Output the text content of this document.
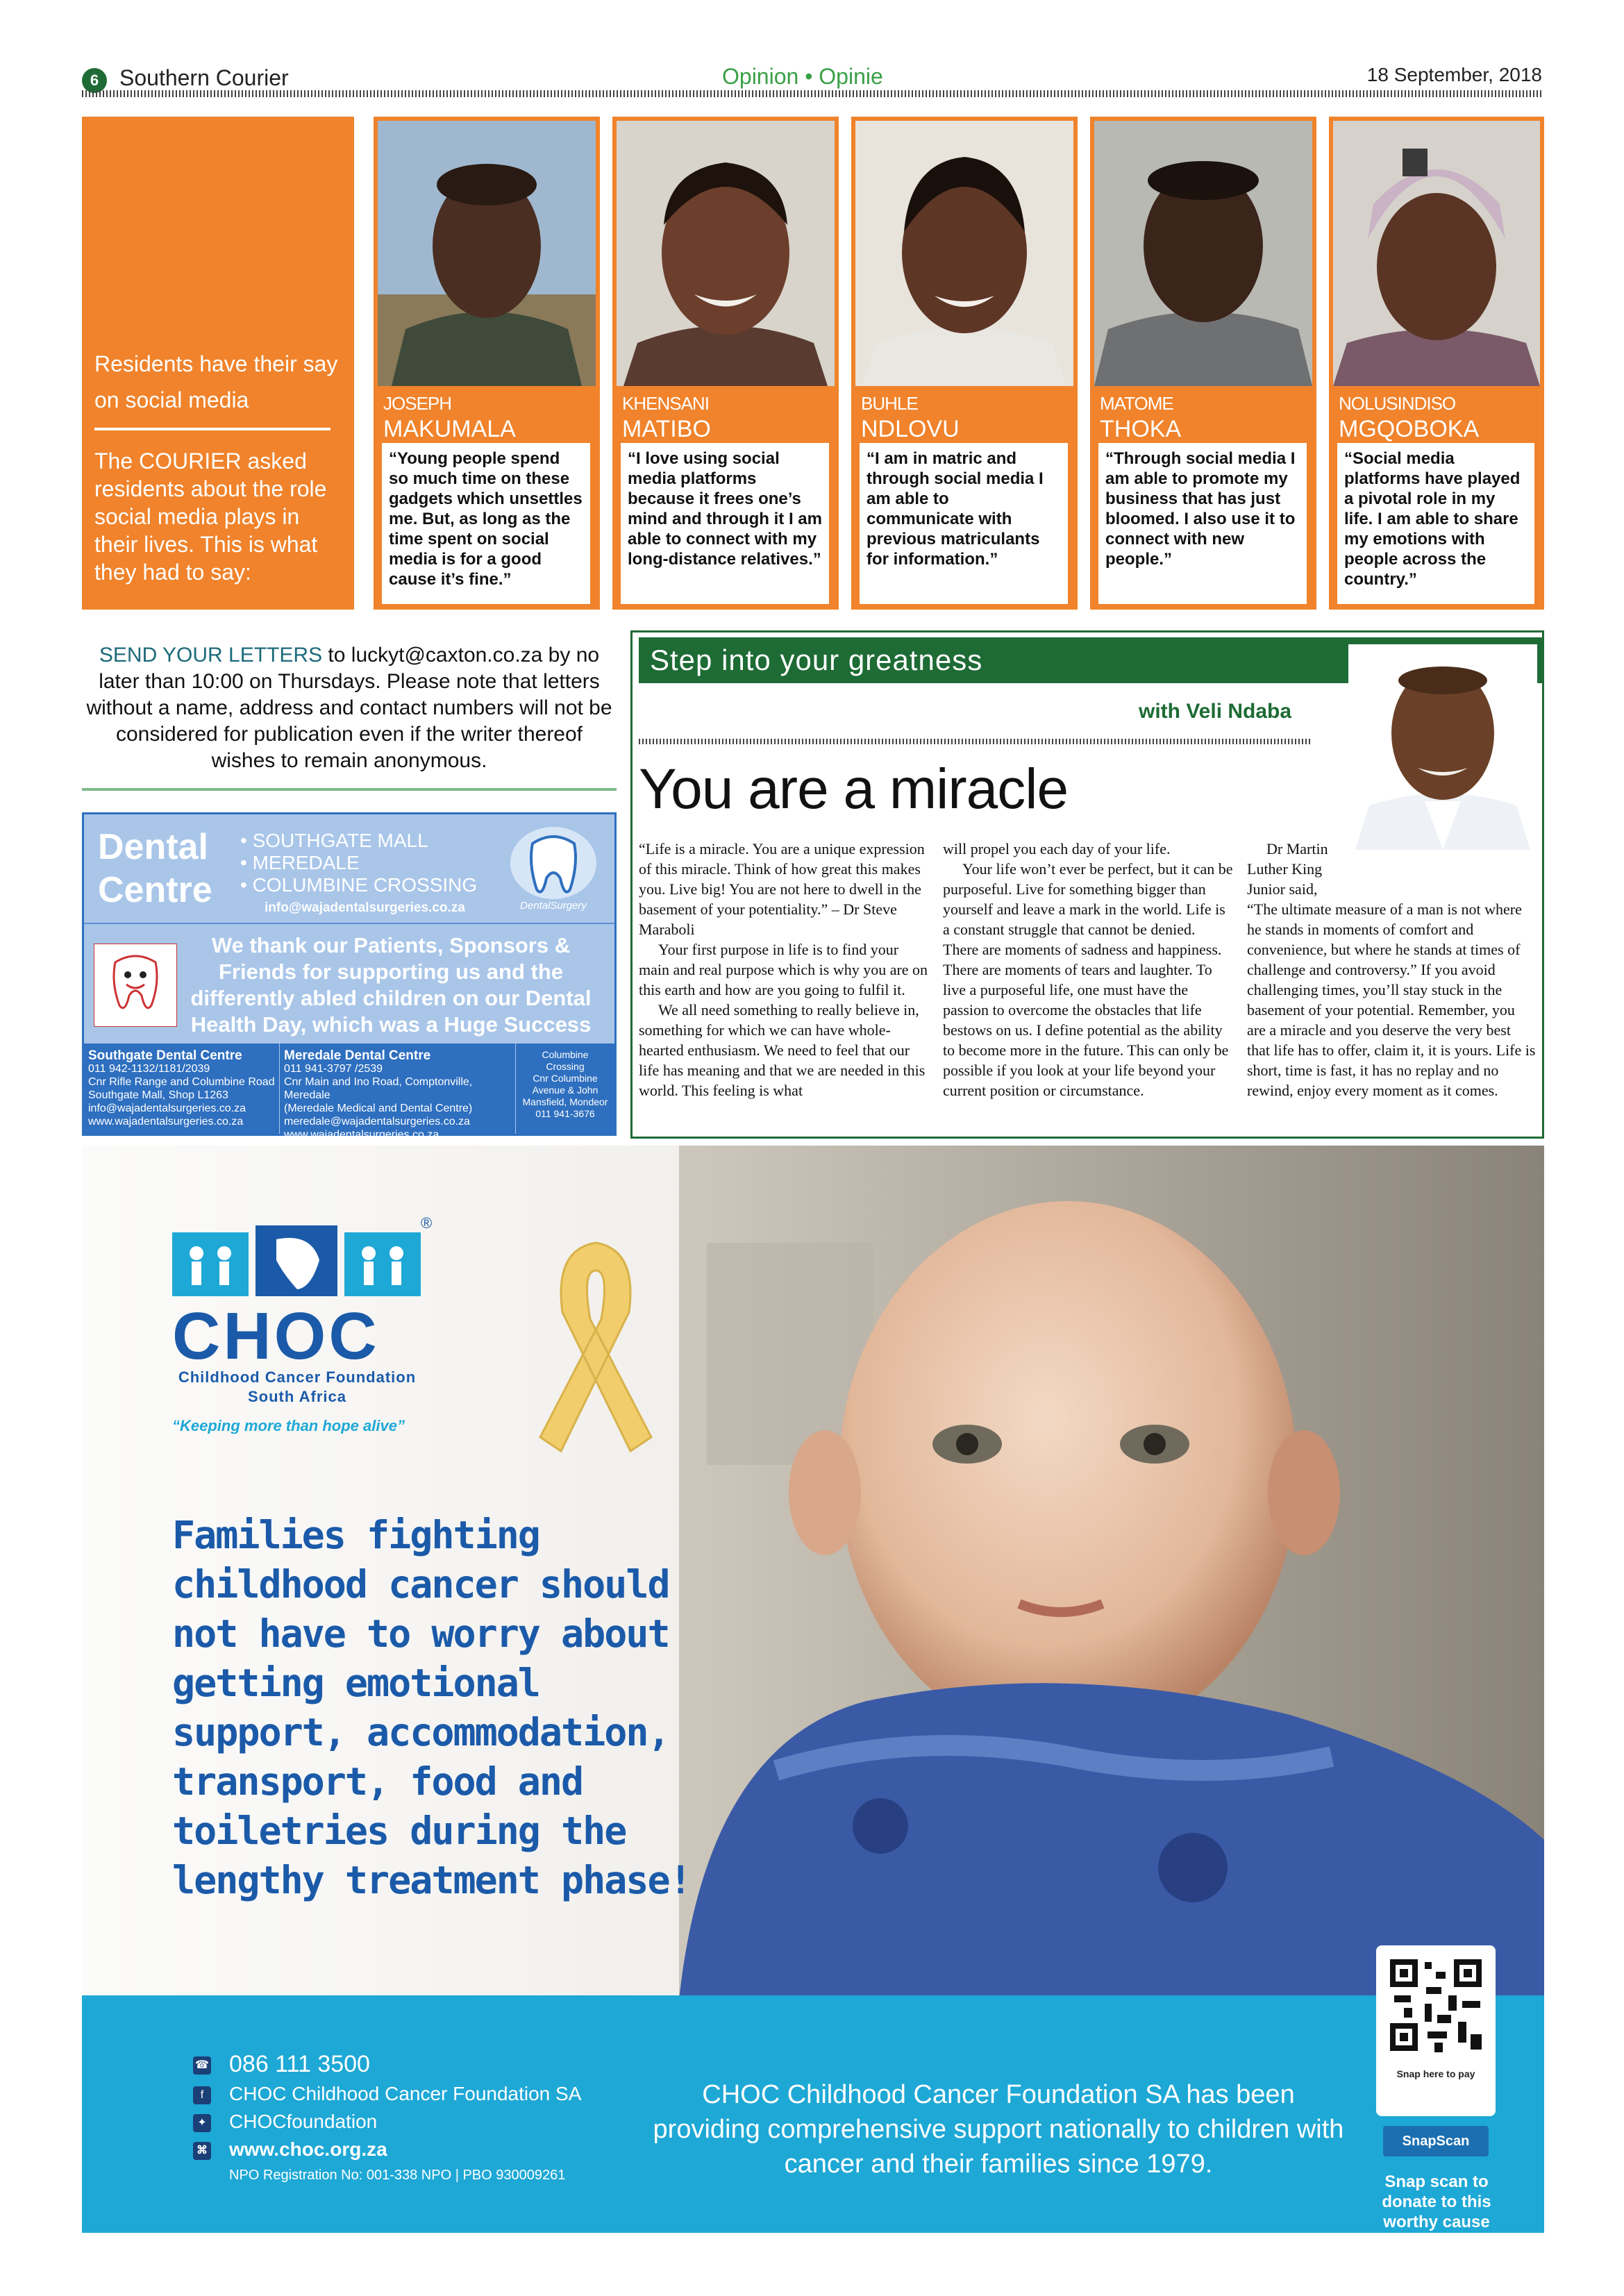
6 Southern Courier	Opinion • Opinie	18 September, 2018
Residents have their say on social media
The COURIER asked residents about the role social media plays in their lives. This is what they had to say:
JOSEPH
MAKUMALA
“Young people spend so much time on these gadgets which unsettles me. But, as long as the time spent on social media is for a good cause it’s fine.”
KHENSANI
MATIBO
“I love using social media platforms because it frees one’s mind and through it I am able to connect with my long-distance relatives.”
BUHLE
NDLOVU
“I am in matric and through social media I am able to communicate with previous matriculants for information.”
MATOME
THOKA
“Through social media I am able to promote my business that has just bloomed. I also use it to connect with new people.”
NOLUSINDISO
MGQOBOKA
“Social media platforms have played a pivotal role in my life. I am able to share my emotions with people across the country.”
SEND YOUR LETTERS to luckyt@caxton.co.za by no later than 10:00 on Thursdays. Please note that letters without a name, address and contact numbers will not be considered for publication even if the writer thereof wishes to remain anonymous.
Dental
Centre
• SOUTHGATE MALL
• MEREDALE
• COLUMBINE CROSSING
info@wajadentalsurgeries.co.za	DentalSurgery
We thank our Patients, Sponsors & Friends for supporting us and the differently abled children on our Dental Health Day, which was a Huge Success
Southgate Dental Centre
011 942-1132/1181/2039
Cnr Rifle Range and Columbine Road
Southgate Mall, Shop L1263
info@wajadentalsurgeries.co.za
www.wajadentalsurgeries.co.za
Meredale Dental Centre
011 941-3797 /2539
Cnr Main and Ino Road, Comptonville, Meredale
(Meredale Medical and Dental Centre)
meredale@wajadentalsurgeries.co.za
www.wajadentalsurgeries.co.za
Columbine
Crossing
Cnr Columbine
Avenue & John
Mansfield, Mondeor
011 941-3676
Step into your greatness
with Veli Ndaba
You are a miracle

“Life is a miracle. You are a unique expression of this miracle. Think of how great this makes you. Live big! You are not here to dwell in the basement of your potentiality.” – Dr Steve Maraboli

Your first purpose in life is to find your main and real purpose which is why you are on this earth and how are you going to fulfil it.

We all need something to really believe in, something for which we can have whole-hearted enthusiasm. We need to feel that our life has meaning and that we are needed in this world. This feeling is what

will propel you each day of your life.

Your life won’t ever be perfect, but it can be purposeful. Live for something bigger than yourself and leave a mark in the world. Life is a constant struggle that cannot be denied. There are moments of sadness and happiness. There are moments of tears and laughter. To live a purposeful life, one must have the passion to overcome the obstacles that life bestows on us. I define potential as the ability to become more in the future. This can only be possible if you look at your life beyond your current position or circumstance.

Dr Martin Luther King Junior said,

“The ultimate measure of a man is not where he stands in moments of comfort and convenience, but where he stands at times of challenge and controversy.” If you avoid challenging times, you’ll stay stuck in the basement of your potential. Remember, you are a miracle and you deserve the very best that life has to offer, claim it, it is yours. Life is short, time is fast, it has no replay and no rewind, enjoy every moment as it comes.

®
CHOC
Childhood Cancer Foundation
South Africa
“Keeping more than hope alive”
Families fighting childhood cancer should not have to worry about getting emotional support, accommodation, transport, food and toiletries during the lengthy treatment phase!
☎ 086 111 3500
f CHOC Childhood Cancer Foundation SA
✦ CHOCfoundation
⌘ www.choc.org.za
NPO Registration No: 001-338 NPO | PBO 930009261
CHOC Childhood Cancer Foundation SA has been providing comprehensive support nationally to children with cancer and their families since 1979.
Snap here to pay
SnapScan
Snap scan to donate to this worthy cause
